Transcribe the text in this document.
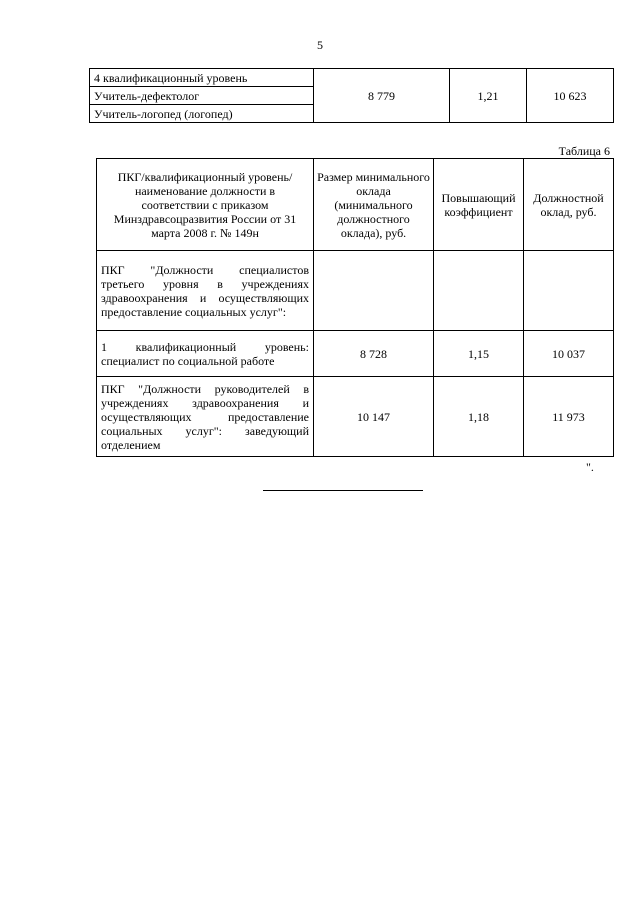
5
4 квалификационный уровень	8 779	1,21	10 623
Учитель-дефектолог
Учитель-логопед (логопед)
Таблица 6
ПКГ/квалификационный уровень/наименование должности в соответствии с приказом Минздравсоцразвития России от 31 марта 2008 г. № 149н	Размер минимального оклада (минимального должностного оклада), руб.	Повышающий коэффициент	Должностной оклад, руб.
ПКГ "Должности специалистов третьего уровня в учреждениях здравоохранения и осуществляющих предоставление социальных услуг":			
1 квалификационный уровень: специалист по социальной работе	8 728	1,15	10 037
ПКГ "Должности руководителей в учреждениях здравоохранения и осуществляющих предоставление социальных услуг": заведующий отделением	10 147	1,18	11 973
".
